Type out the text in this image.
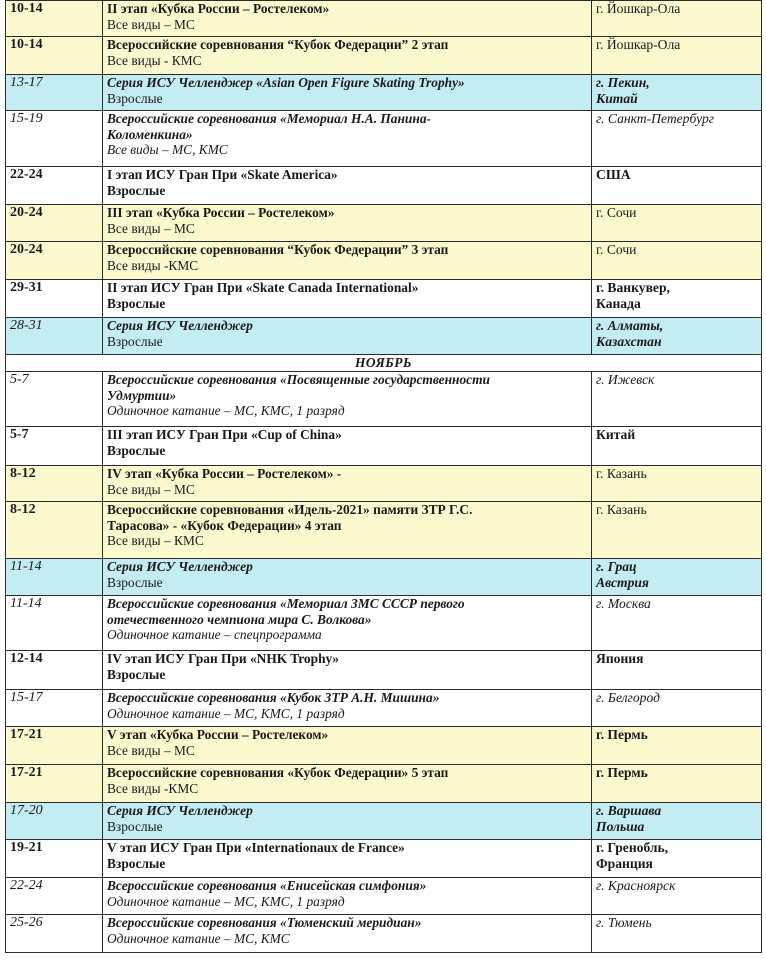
10-14	II этап «Кубка России – Ростелеком»
Все виды – МС	г. Йошкар-Ола

10-14	Всероссийские соревнования “Кубок Федерации” 2 этап
Все виды - КМС	г. Йошкар-Ола

13-17	Серия ИСУ Челленджер «Asian Open Figure Skating Trophy»
Взрослые	г. Пекин,
Китай

15-19	Всероссийские соревнования «Мемориал Н.А. Панина-
Коломенкина»
Все виды – МС, КМС	г. Санкт-Петербург

22-24	I этап ИСУ Гран При «Skate America»
Взрослые	США

20-24	III этап «Кубка России – Ростелеком»
Все виды – МС	г. Сочи

20-24	Всероссийские соревнования “Кубок Федерации” 3 этап
Все виды -КМС	г. Сочи

29-31	II этап ИСУ Гран При «Skate Canada International»
Взрослые	г. Ванкувер,
Канада

28-31	Серия ИСУ Челленджер
Взрослые	г. Алматы,
Казахстан

НОЯБРЬ		
5-7	Всероссийские соревнования «Посвященные государственности
Удмуртии»
Одиночное катание – МС, КМС, 1 разряд	г. Ижевск

5-7	III этап ИСУ Гран При «Cup of China»
Взрослые	Китай

8-12	IV этап «Кубка России – Ростелеком» -
Все виды – МС	г. Казань

8-12	Всероссийские соревнования «Идель-2021» памяти ЗТР Г.С.
Тарасова» - «Кубок Федерации» 4 этап
Все виды – КМС	г. Казань

11-14	Серия ИСУ Челленджер
Взрослые	г. Грац
Австрия

11-14	Всероссийские соревнования «Мемориал ЗМС СССР первого
отечественного чемпиона мира С. Волкова»
Одиночное катание – спецпрограмма	г. Москва

12-14	IV этап ИСУ Гран При «NHK Trophy»
Взрослые	Япония

15-17	Всероссийские соревнования «Кубок ЗТР А.Н. Мишина»
Одиночное катание – МС, КМС, 1 разряд	г. Белгород

17-21	V этап «Кубка России – Ростелеком»
Все виды – МС	г. Пермь

17-21	Всероссийские соревнования «Кубок Федерации» 5 этап
Все виды -КМС	г. Пермь

17-20	Серия ИСУ Челленджер
Взрослые	г. Варшава
Польша

19-21	V этап ИСУ Гран При «Internationaux de France»
Взрослые	г. Гренобль,
Франция

22-24	Всероссийские соревнования «Енисейская симфония»
Одиночное катание – МС, КМС, 1 разряд	г. Красноярск

25-26	Всероссийские соревнования «Тюменский меридиан»
Одиночное катание – МС, КМС	г. Тюмень
